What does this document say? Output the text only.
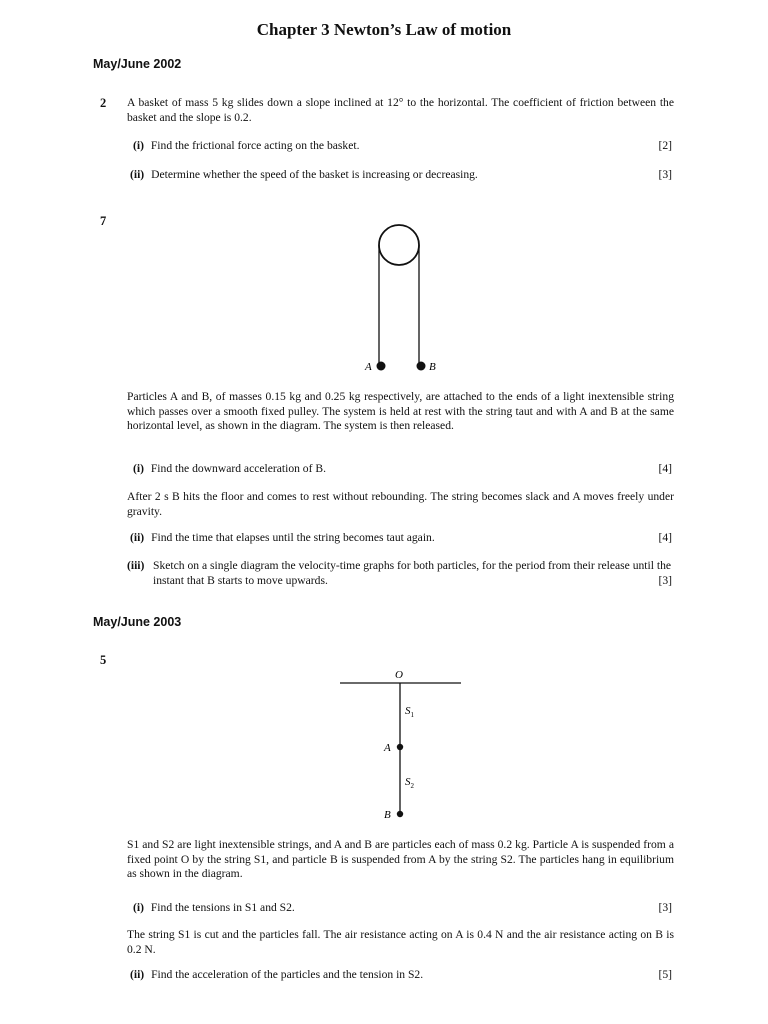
Chapter 3 Newton’s Law of motion
May/June 2002
2 A basket of mass 5 kg slides down a slope inclined at 12° to the horizontal. The coefficient of friction between the basket and the slope is 0.2.
(i) Find the frictional force acting on the basket.	[2]
(ii) Determine whether the speed of the basket is increasing or decreasing.	[3]
7
A	B
Particles A and B, of masses 0.15 kg and 0.25 kg respectively, are attached to the ends of a light inextensible string which passes over a smooth fixed pulley. The system is held at rest with the string taut and with A and B at the same horizontal level, as shown in the diagram. The system is then released.
(i) Find the downward acceleration of B.	[4]
After 2 s B hits the floor and comes to rest without rebounding. The string becomes slack and A moves freely under gravity.
(ii) Find the time that elapses until the string becomes taut again.	[4]
(iii) Sketch on a single diagram the velocity-time graphs for both particles, for the period from their release until the instant that B starts to move upwards.	[3]
May/June 2003
5
O
$S_1$
A
$S_2$
B
S1 and S2 are light inextensible strings, and A and B are particles each of mass 0.2 kg. Particle A is suspended from a fixed point O by the string S1, and particle B is suspended from A by the string S2. The particles hang in equilibrium as shown in the diagram.
(i) Find the tensions in S1 and S2.	[3]
The string S1 is cut and the particles fall. The air resistance acting on A is 0.4 N and the air resistance acting on B is 0.2 N.
(ii) Find the acceleration of the particles and the tension in S2.	[5]
